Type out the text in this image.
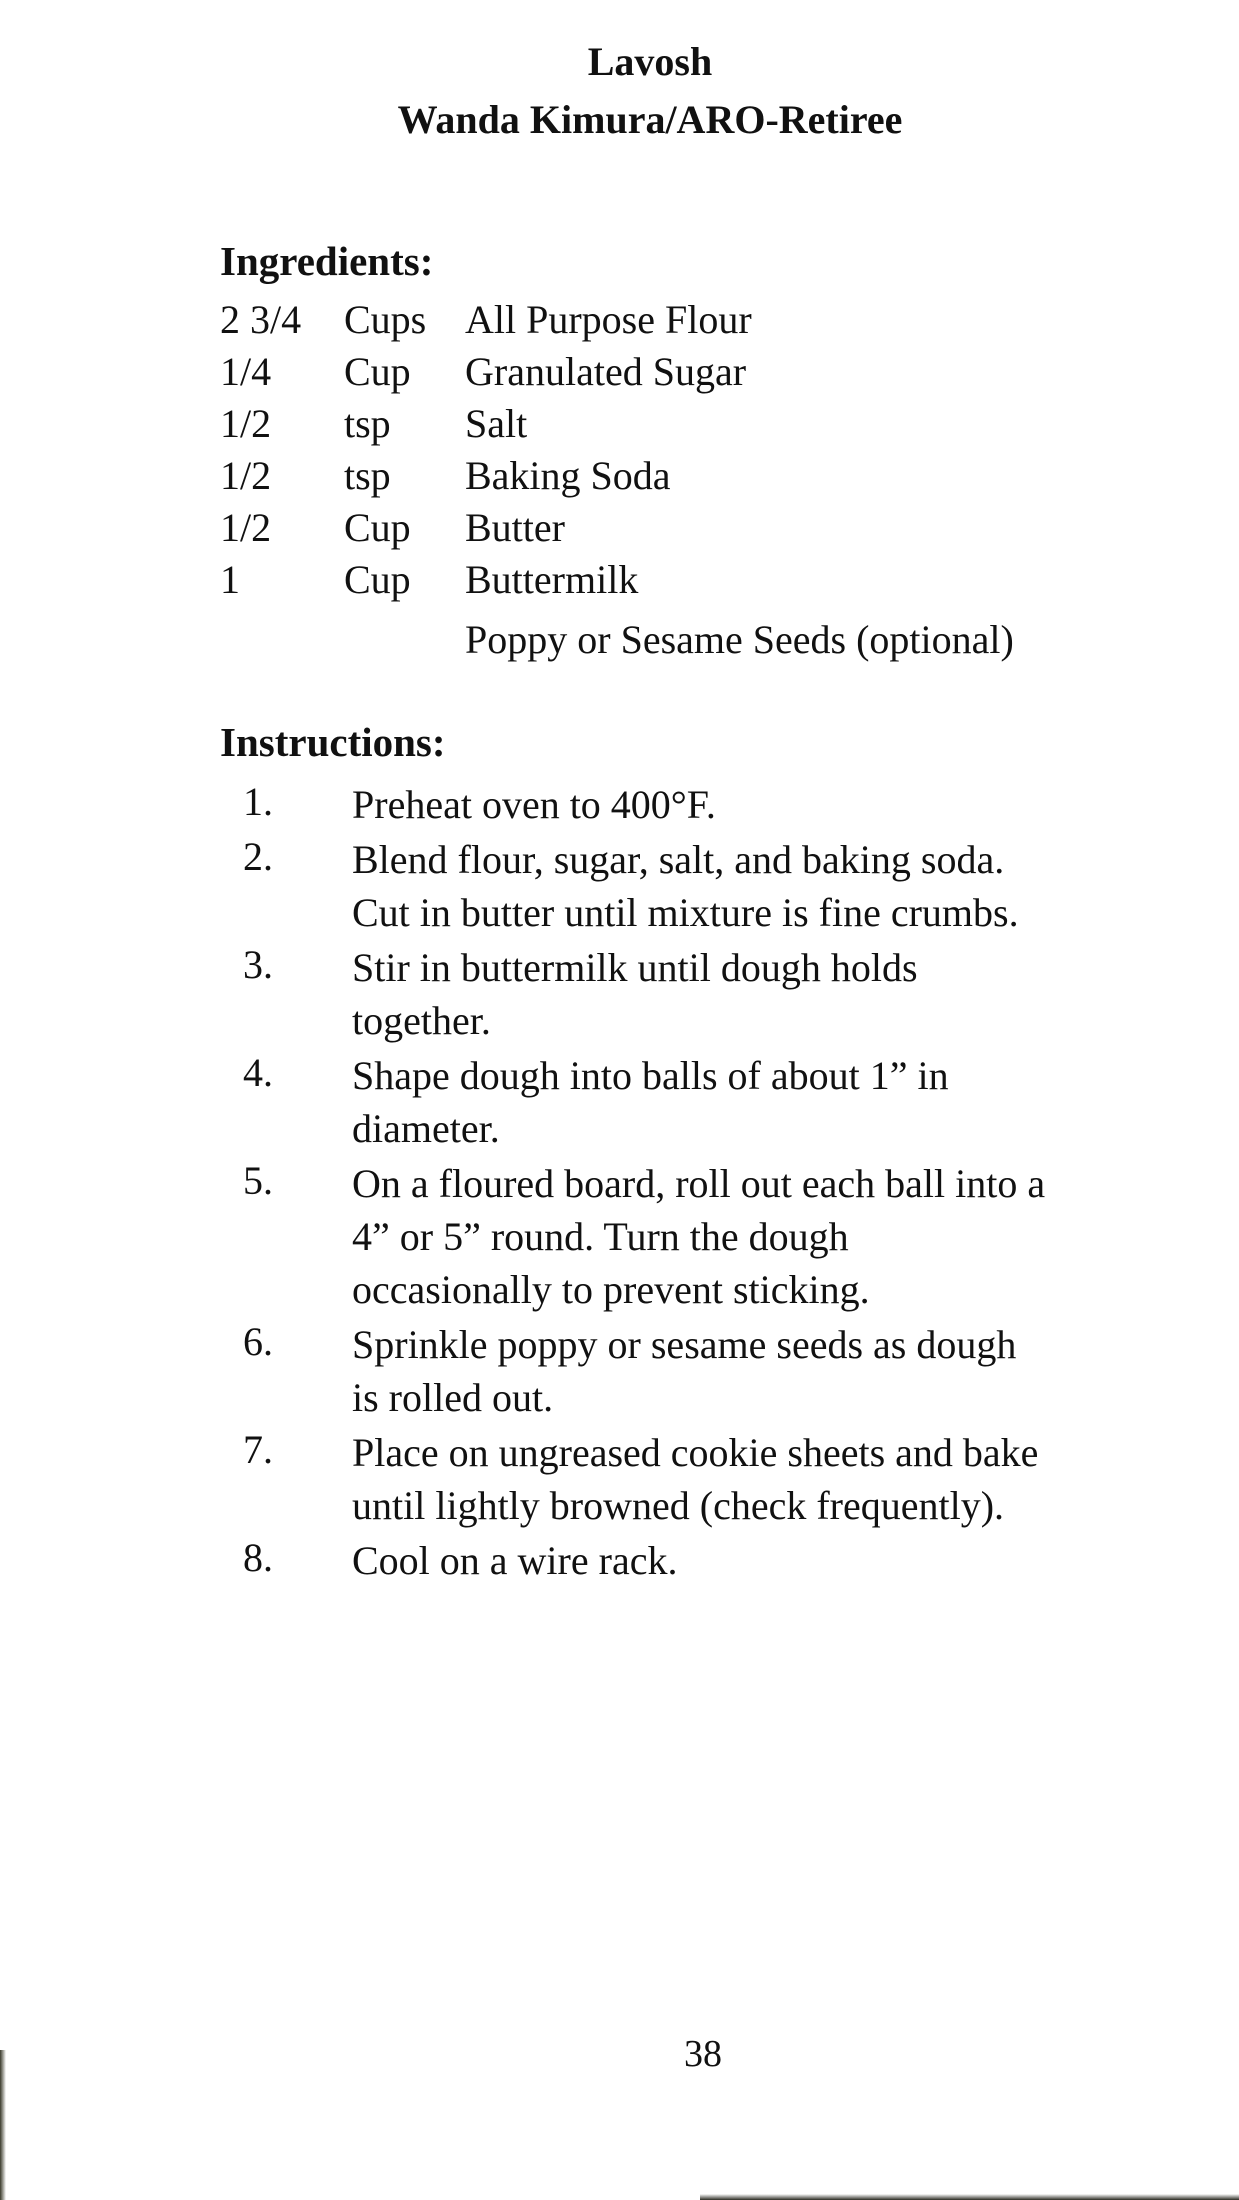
Lavosh
Wanda Kimura/ARO-Retiree
Ingredients:
2 3/4 Cups All Purpose Flour
1/4 Cup Granulated Sugar
1/2 tsp Salt
1/2 tsp Baking Soda
1/2 Cup Butter
1	Cup Buttermilk
Poppy or Sesame Seeds (optional)
Instructions:
1. Preheat oven to 400°F.
2. Blend flour, sugar, salt, and baking soda.
Cut in butter until mixture is fine crumbs.
3. Stir in buttermilk until dough holds
together.
4. Shape dough into balls of about 1” in
diameter.
5. On a floured board, roll out each ball into a
4” or 5” round. Turn the dough
occasionally to prevent sticking.
6. Sprinkle poppy or sesame seeds as dough
is rolled out.
7. Place on ungreased cookie sheets and bake
until lightly browned (check frequently).
8. Cool on a wire rack.
38
